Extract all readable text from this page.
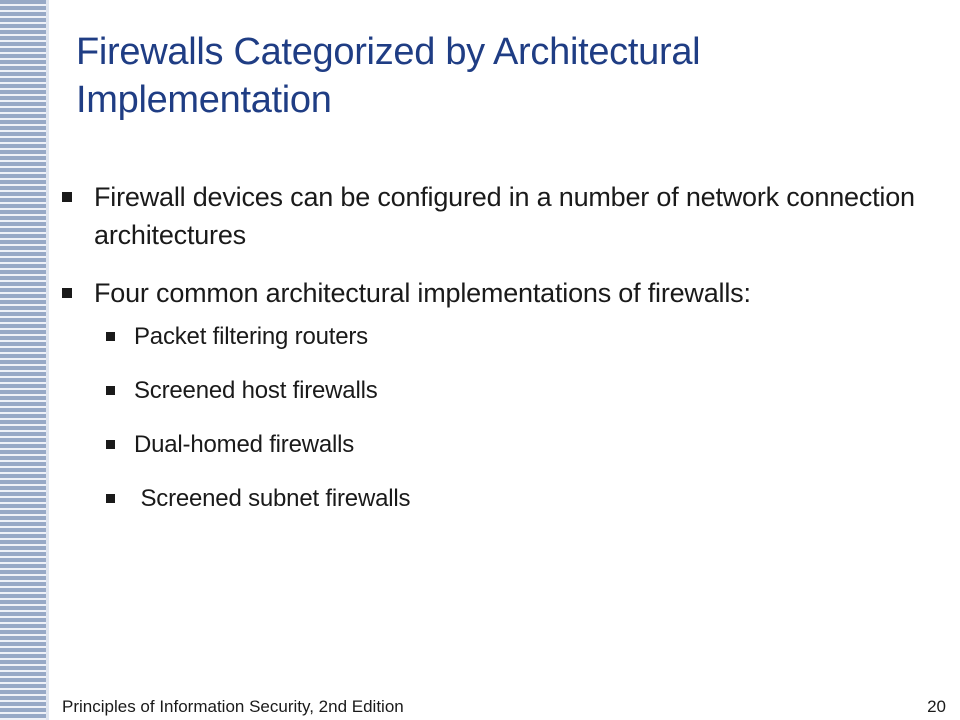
Firewalls Categorized by Architectural Implementation
Firewall devices can be configured in a number of network connection architectures
Four common architectural implementations of firewalls:
Packet filtering routers
Screened host firewalls
Dual-homed firewalls
Screened subnet firewalls
Principles of Information Security, 2nd Edition	20
